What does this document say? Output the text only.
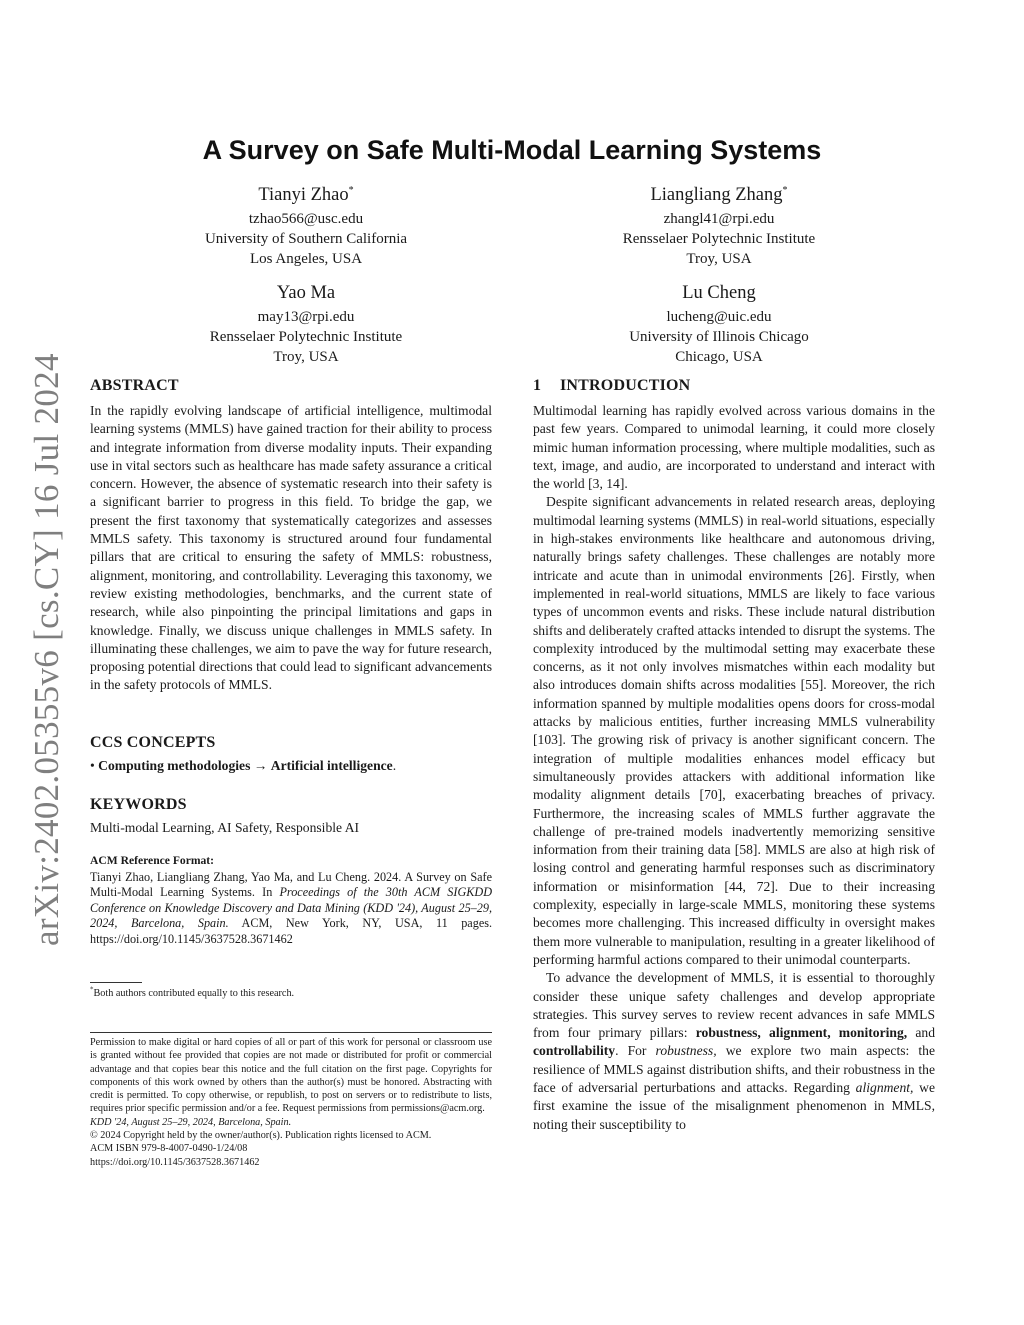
arXiv:2402.05355v6 [cs.CY] 16 Jul 2024
A Survey on Safe Multi-Modal Learning Systems
Tianyi Zhao*
tzhao566@usc.edu
University of Southern California
Los Angeles, USA
Liangliang Zhang*
zhangl41@rpi.edu
Rensselaer Polytechnic Institute
Troy, USA
Yao Ma
may13@rpi.edu
Rensselaer Polytechnic Institute
Troy, USA
Lu Cheng
lucheng@uic.edu
University of Illinois Chicago
Chicago, USA
ABSTRACT

In the rapidly evolving landscape of artificial intelligence, multimodal learning systems (MMLS) have gained traction for their ability to process and integrate information from diverse modality inputs. Their expanding use in vital sectors such as healthcare has made safety assurance a critical concern. However, the absence of systematic research into their safety is a significant barrier to progress in this field. To bridge the gap, we present the first taxonomy that systematically categorizes and assesses MMLS safety. This taxonomy is structured around four fundamental pillars that are critical to ensuring the safety of MMLS: robustness, alignment, monitoring, and controllability. Leveraging this taxonomy, we review existing methodologies, benchmarks, and the current state of research, while also pinpointing the principal limitations and gaps in knowledge. Finally, we discuss unique challenges in MMLS safety. In illuminating these challenges, we aim to pave the way for future research, proposing potential directions that could lead to significant advancements in the safety protocols of MMLS.

CCS CONCEPTS
• Computing methodologies → Artificial intelligence.
KEYWORDS
Multi-modal Learning, AI Safety, Responsible AI
ACM Reference Format:
Tianyi Zhao, Liangliang Zhang, Yao Ma, and Lu Cheng. 2024. A Survey on Safe Multi-Modal Learning Systems. In Proceedings of the 30th ACM SIGKDD Conference on Knowledge Discovery and Data Mining (KDD '24), August 25–29, 2024, Barcelona, Spain. ACM, New York, NY, USA, 11 pages. https://doi.org/10.1145/3637528.3671462
*Both authors contributed equally to this research.
Permission to make digital or hard copies of all or part of this work for personal or classroom use is granted without fee provided that copies are not made or distributed for profit or commercial advantage and that copies bear this notice and the full citation on the first page. Copyrights for components of this work owned by others than the author(s) must be honored. Abstracting with credit is permitted. To copy otherwise, or republish, to post on servers or to redistribute to lists, requires prior specific permission and/or a fee. Request permissions from permissions@acm.org.
KDD '24, August 25–29, 2024, Barcelona, Spain.
© 2024 Copyright held by the owner/author(s). Publication rights licensed to ACM.
ACM ISBN 979-8-4007-0490-1/24/08
https://doi.org/10.1145/3637528.3671462
1 INTRODUCTION

Multimodal learning has rapidly evolved across various domains in the past few years. Compared to unimodal learning, it could more closely mimic human information processing, where multiple modalities, such as text, image, and audio, are incorporated to understand and interact with the world [3, 14].

Despite significant advancements in related research areas, deploying multimodal learning systems (MMLS) in real-world situations, especially in high-stakes environments like healthcare and autonomous driving, naturally brings safety challenges. These challenges are notably more intricate and acute than in unimodal environments [26]. Firstly, when implemented in real-world situations, MMLS are likely to face various types of uncommon events and risks. These include natural distribution shifts and deliberately crafted attacks intended to disrupt the systems. The complexity introduced by the multimodal setting may exacerbate these concerns, as it not only involves mismatches within each modality but also introduces domain shifts across modalities [55]. Moreover, the rich information spanned by multiple modalities opens doors for cross-modal attacks by malicious entities, further increasing MMLS vulnerability [103]. The growing risk of privacy is another significant concern. The integration of multiple modalities enhances model efficacy but simultaneously provides attackers with additional information like modality alignment details [70], exacerbating breaches of privacy. Furthermore, the increasing scales of MMLS further aggravate the challenge of pre-trained models inadvertently memorizing sensitive information from their training data [58]. MMLS are also at high risk of losing control and generating harmful responses such as discriminatory information or misinformation [44, 72]. Due to their increasing complexity, especially in large-scale MMLS, monitoring these systems becomes more challenging. This increased difficulty in oversight makes them more vulnerable to manipulation, resulting in a greater likelihood of performing harmful actions compared to their unimodal counterparts.

To advance the development of MMLS, it is essential to thoroughly consider these unique safety challenges and develop appropriate strategies. This survey serves to review recent advances in safe MMLS from four primary pillars: robustness, alignment, monitoring, and controllability. For robustness, we explore two main aspects: the resilience of MMLS against distribution shifts, and their robustness in the face of adversarial perturbations and attacks. Regarding alignment, we first examine the issue of the misalignment phenomenon in MMLS, noting their susceptibility to
